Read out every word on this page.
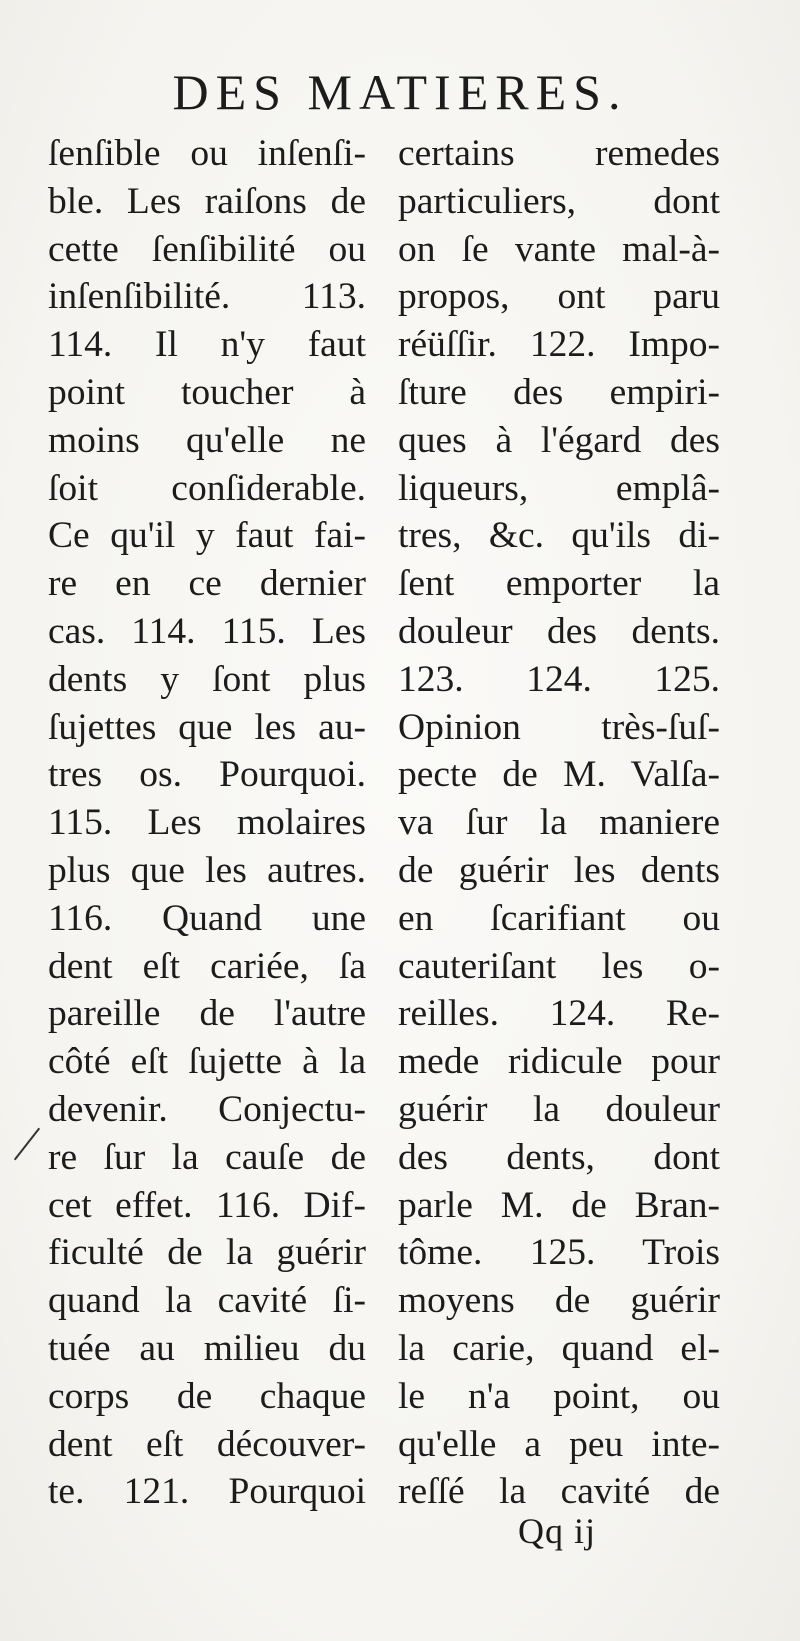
DES MATIERES.
ſenſible ou inſenſi-
ble. Les raiſons de
cette ſenſibilité ou
inſenſibilité. 113.
114. Il n'y faut
point toucher à
moins qu'elle ne
ſoit conſiderable.
Ce qu'il y faut fai-
re en ce dernier
cas. 114. 115. Les
dents y ſont plus
ſujettes que les au-
tres os. Pourquoi.
115. Les molaires
plus que les autres.
116. Quand une
dent eſt cariée, ſa
pareille de l'autre
côté eſt ſujette à la
devenir. Conjectu-
re ſur la cauſe de
cet effet. 116. Dif-
ficulté de la guérir
quand la cavité ſi-
tuée au milieu du
corps de chaque
dent eſt découver-
te. 121. Pourquoi
certains remedes
particuliers, dont
on ſe vante mal-à-
propos, ont paru
réüſſir. 122. Impo-
ſture des empiri-
ques à l'égard des
liqueurs, emplâ-
tres, &c. qu'ils di-
ſent emporter la
douleur des dents.
123. 124. 125.
Opinion très-ſuſ-
pecte de M. Valſa-
va ſur la maniere
de guérir les dents
en ſcarifiant ou
cauteriſant les o-
reilles. 124. Re-
mede ridicule pour
guérir la douleur
des dents, dont
parle M. de Bran-
tôme. 125. Trois
moyens de guérir
la carie, quand el-
le n'a point, ou
qu'elle a peu inte-
reſſé la cavité de
Qq ij
